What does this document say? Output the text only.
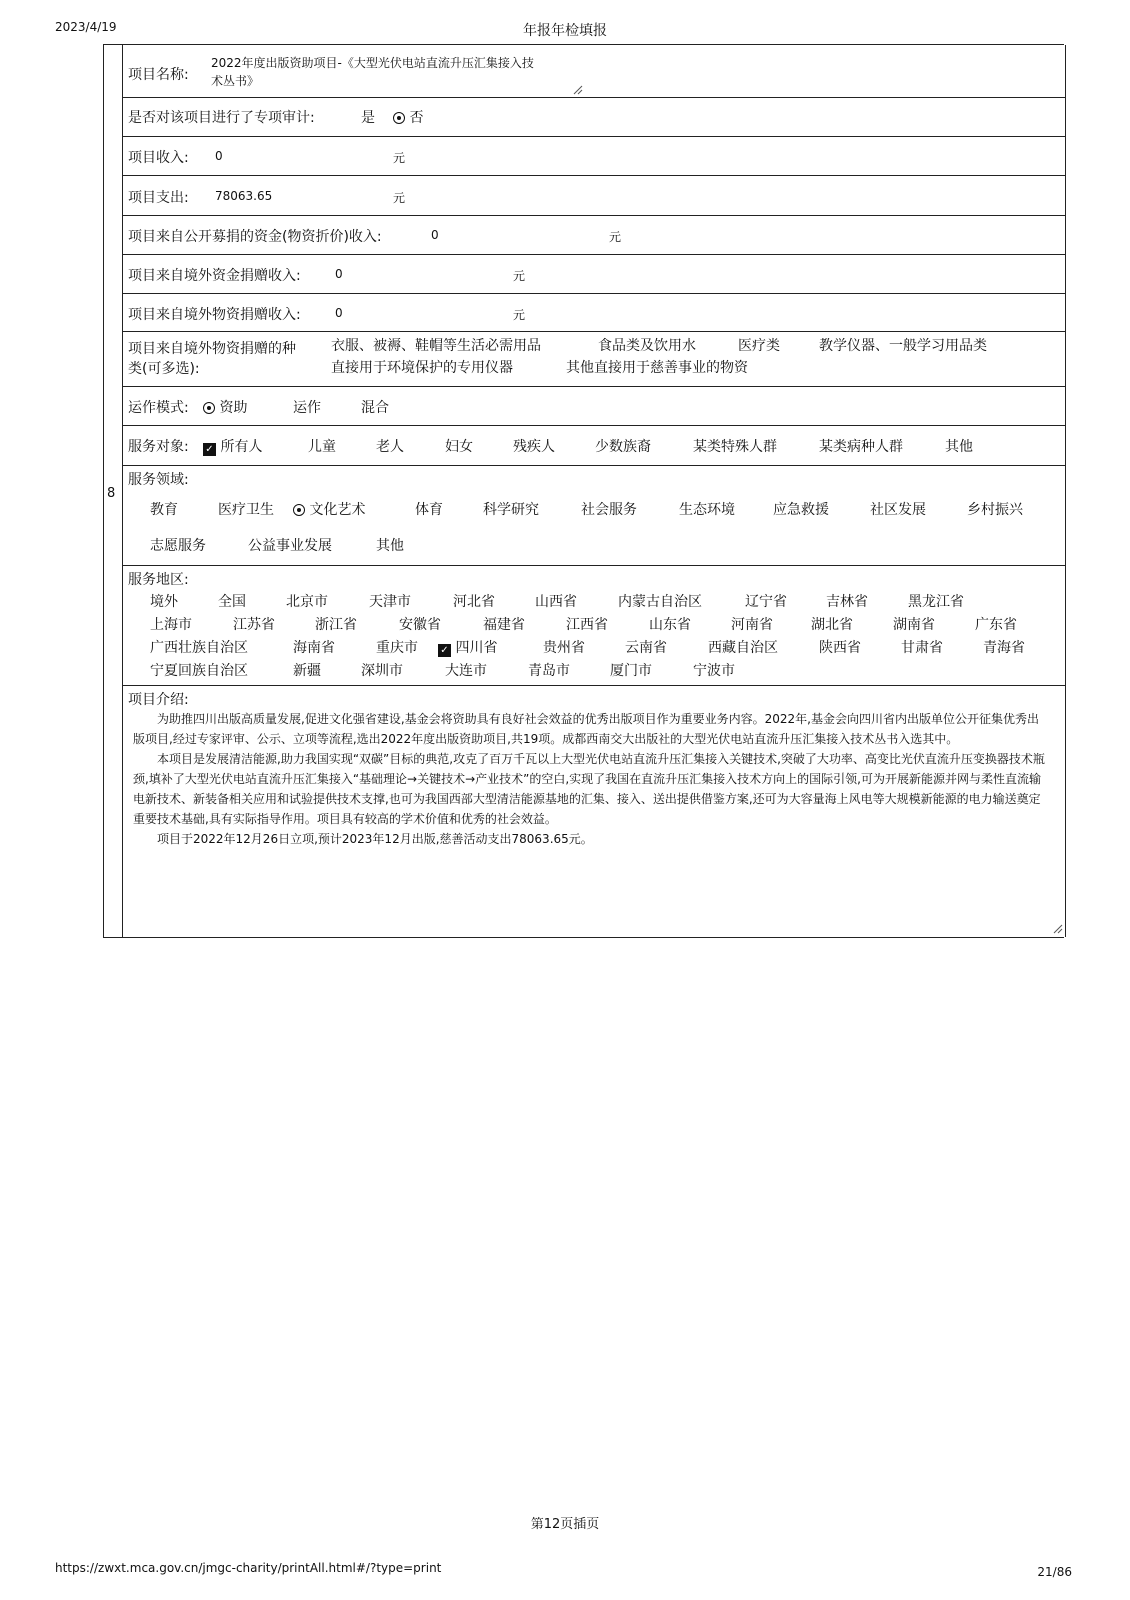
2023/4/19	年报年检填报
8
项目名称:
2022年度出版资助项目-《大型光伏电站直流升压汇集接入技
术丛书》
是否对该项目进行了专项审计:	是	否
项目收入: 0	元
项目支出: 78063.65	元
项目来自公开募捐的资金(物资折价)收入:	0	元
项目来自境外资金捐赠收入:	0	元
项目来自境外物资捐赠收入:	0	元
项目来自境外物资捐赠的种
类(可多选):
衣服、被褥、鞋帽等生活必需用品	食品类及饮用水	医疗类	教学仪器、一般学习用品类
直接用于环境保护的专用仪器	其他直接用于慈善事业的物资
运作模式:	资助	运作	混合
服务对象: ✓ 所有人	儿童	老人	妇女	残疾人	少数族裔	某类特殊人群	某类病种人群	其他
服务领域:
教育	医疗卫生	文化艺术	体育	科学研究	社会服务	生态环境	应急救援	社区发展	乡村振兴
志愿服务	公益事业发展	其他
服务地区:
境外	全国	北京市	天津市	河北省	山西省	内蒙古自治区	辽宁省	吉林省	黑龙江省
上海市	江苏省	浙江省	安徽省	福建省	江西省	山东省	河南省	湖北省	湖南省	广东省
广西壮族自治区	海南省	重庆市 ✓ 四川省	贵州省	云南省	西藏自治区	陕西省	甘肃省	青海省
宁夏回族自治区	新疆	深圳市	大连市	青岛市	厦门市	宁波市
项目介绍:

为助推四川出版高质量发展,促进文化强省建设,基金会将资助具有良好社会效益的优秀出版项目作为重要业务内容。2022年,基金会向四川省内出版单位公开征集优秀出版项目,经过专家评审、公示、立项等流程,选出2022年度出版资助项目,共19项。成都西南交大出版社的大型光伏电站直流升压汇集接入技术丛书入选其中。

本项目是发展清洁能源,助力我国实现“双碳”目标的典范,攻克了百万千瓦以上大型光伏电站直流升压汇集接入关键技术,突破了大功率、高变比光伏直流升压变换器技术瓶颈,填补了大型光伏电站直流升压汇集接入“基础理论→关键技术→产业技术”的空白,实现了我国在直流升压汇集接入技术方向上的国际引领,可为开展新能源并网与柔性直流输电新技术、新装备相关应用和试验提供技术支撑,也可为我国西部大型清洁能源基地的汇集、接入、送出提供借鉴方案,还可为大容量海上风电等大规模新能源的电力输送奠定重要技术基础,具有实际指导作用。项目具有较高的学术价值和优秀的社会效益。

项目于2022年12月26日立项,预计2023年12月出版,慈善活动支出78063.65元。

第12页插页
https://zwxt.mca.gov.cn/jmgc-charity/printAll.html#/?type=print	21/86
